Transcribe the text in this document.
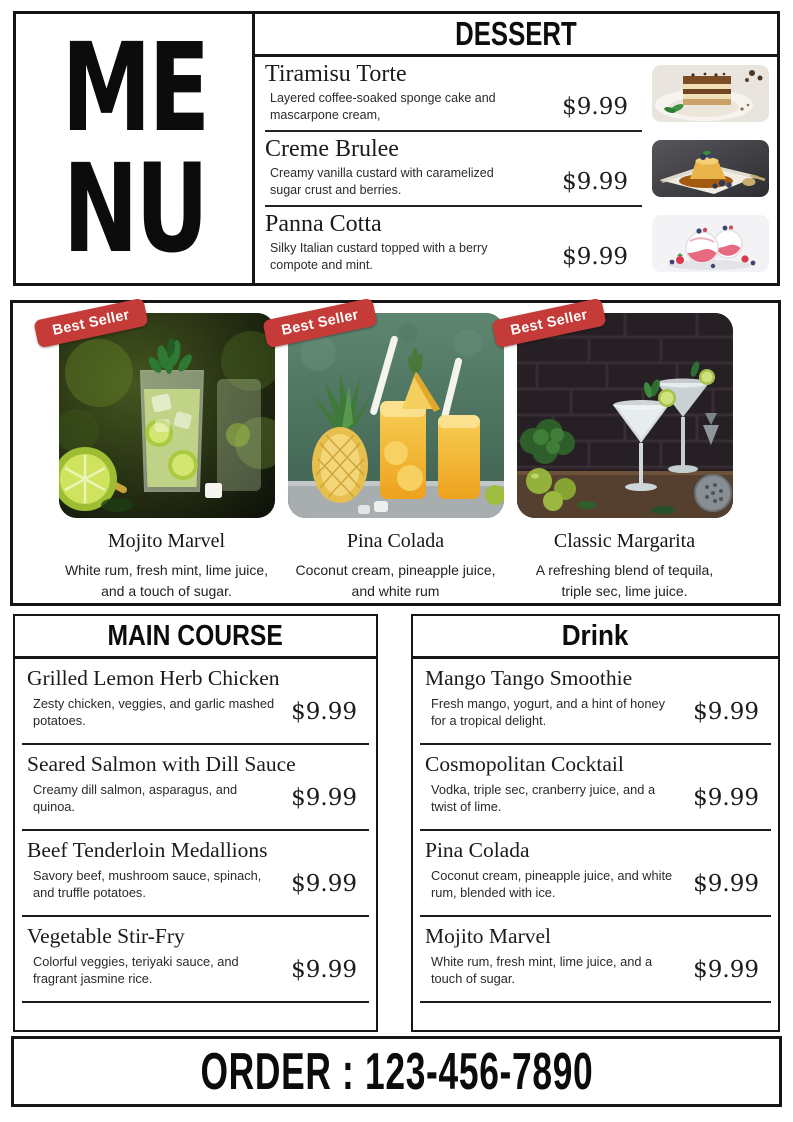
ME
NU
DESSERT
Tiramisu Torte
Layered coffee-soaked sponge cake and mascarpone cream,	$9.99
Creme Brulee
Creamy vanilla custard with caramelized sugar crust and berries.	$9.99
Panna Cotta
Silky Italian custard topped with a berry compote and mint.	$9.99
Best Seller
Mojito Marvel
White rum, fresh mint, lime juice, and a touch of sugar.
Best Seller
Pina Colada
Coconut cream, pineapple juice, and white rum
Best Seller
Classic Margarita
A refreshing blend of tequila, triple sec, lime juice.
MAIN COURSE
Grilled Lemon Herb Chicken
Zesty chicken, veggies, and garlic mashed potatoes.	$9.99
Seared Salmon with Dill Sauce
Creamy dill salmon, asparagus, and quinoa.	$9.99
Beef Tenderloin Medallions
Savory beef, mushroom sauce, spinach, and truffle potatoes.	$9.99
Vegetable Stir-Fry
Colorful veggies, teriyaki sauce, and fragrant jasmine rice.	$9.99
Drink
Mango Tango Smoothie
Fresh mango, yogurt, and a hint of honey for a tropical delight.	$9.99
Cosmopolitan Cocktail
Vodka, triple sec, cranberry juice, and a twist of lime.	$9.99
Pina Colada
Coconut cream, pineapple juice, and white rum, blended with ice.	$9.99
Mojito Marvel
White rum, fresh mint, lime juice, and a touch of sugar.	$9.99
ORDER : 123-456-7890
